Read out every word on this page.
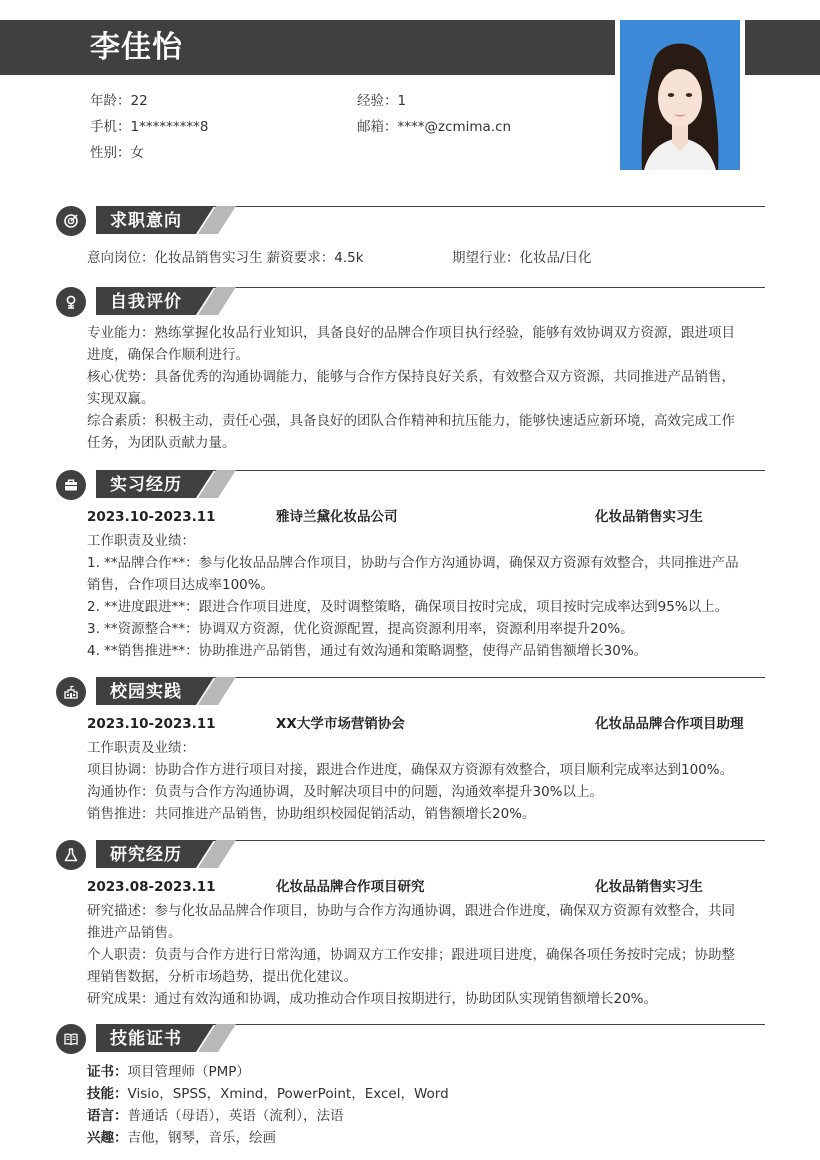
李佳怡
年龄：22	经验：1
手机：1*********8	邮箱：****@zcmima.cn
性别：女
求职意向
意向岗位：化妆品销售实习生 薪资要求：4.5k	期望行业：化妆品/日化
自我评价
专业能力：熟练掌握化妆品行业知识，具备良好的品牌合作项目执行经验，能够有效协调双方资源，跟进项目
进度，确保合作顺利进行。
核心优势：具备优秀的沟通协调能力，能够与合作方保持良好关系，有效整合双方资源，共同推进产品销售，
实现双赢。
综合素质：积极主动，责任心强，具备良好的团队合作精神和抗压能力，能够快速适应新环境，高效完成工作
任务，为团队贡献力量。
实习经历
2023.10-2023.11	雅诗兰黛化妆品公司	化妆品销售实习生
工作职责及业绩：
1. **品牌合作**：参与化妆品品牌合作项目，协助与合作方沟通协调，确保双方资源有效整合，共同推进产品
销售，合作项目达成率100%。
2. **进度跟进**：跟进合作项目进度，及时调整策略，确保项目按时完成，项目按时完成率达到95%以上。
3. **资源整合**：协调双方资源，优化资源配置，提高资源利用率，资源利用率提升20%。
4. **销售推进**：协助推进产品销售，通过有效沟通和策略调整，使得产品销售额增长30%。
校园实践
2023.10-2023.11	XX大学市场营销协会	化妆品品牌合作项目助理
工作职责及业绩：
项目协调：协助合作方进行项目对接，跟进合作进度，确保双方资源有效整合，项目顺利完成率达到100%。
沟通协作：负责与合作方沟通协调，及时解决项目中的问题，沟通效率提升30%以上。
销售推进：共同推进产品销售，协助组织校园促销活动，销售额增长20%。
研究经历
2023.08-2023.11	化妆品品牌合作项目研究	化妆品销售实习生
研究描述：参与化妆品品牌合作项目，协助与合作方沟通协调，跟进合作进度，确保双方资源有效整合，共同
推进产品销售。
个人职责：负责与合作方进行日常沟通，协调双方工作安排；跟进项目进度，确保各项任务按时完成；协助整
理销售数据，分析市场趋势，提出优化建议。
研究成果：通过有效沟通和协调，成功推动合作项目按期进行，协助团队实现销售额增长20%。
技能证书
证书：项目管理师（PMP）
技能：Visio，SPSS，Xmind，PowerPoint，Excel，Word
语言：普通话（母语），英语（流利），法语
兴趣：吉他，钢琴，音乐，绘画
